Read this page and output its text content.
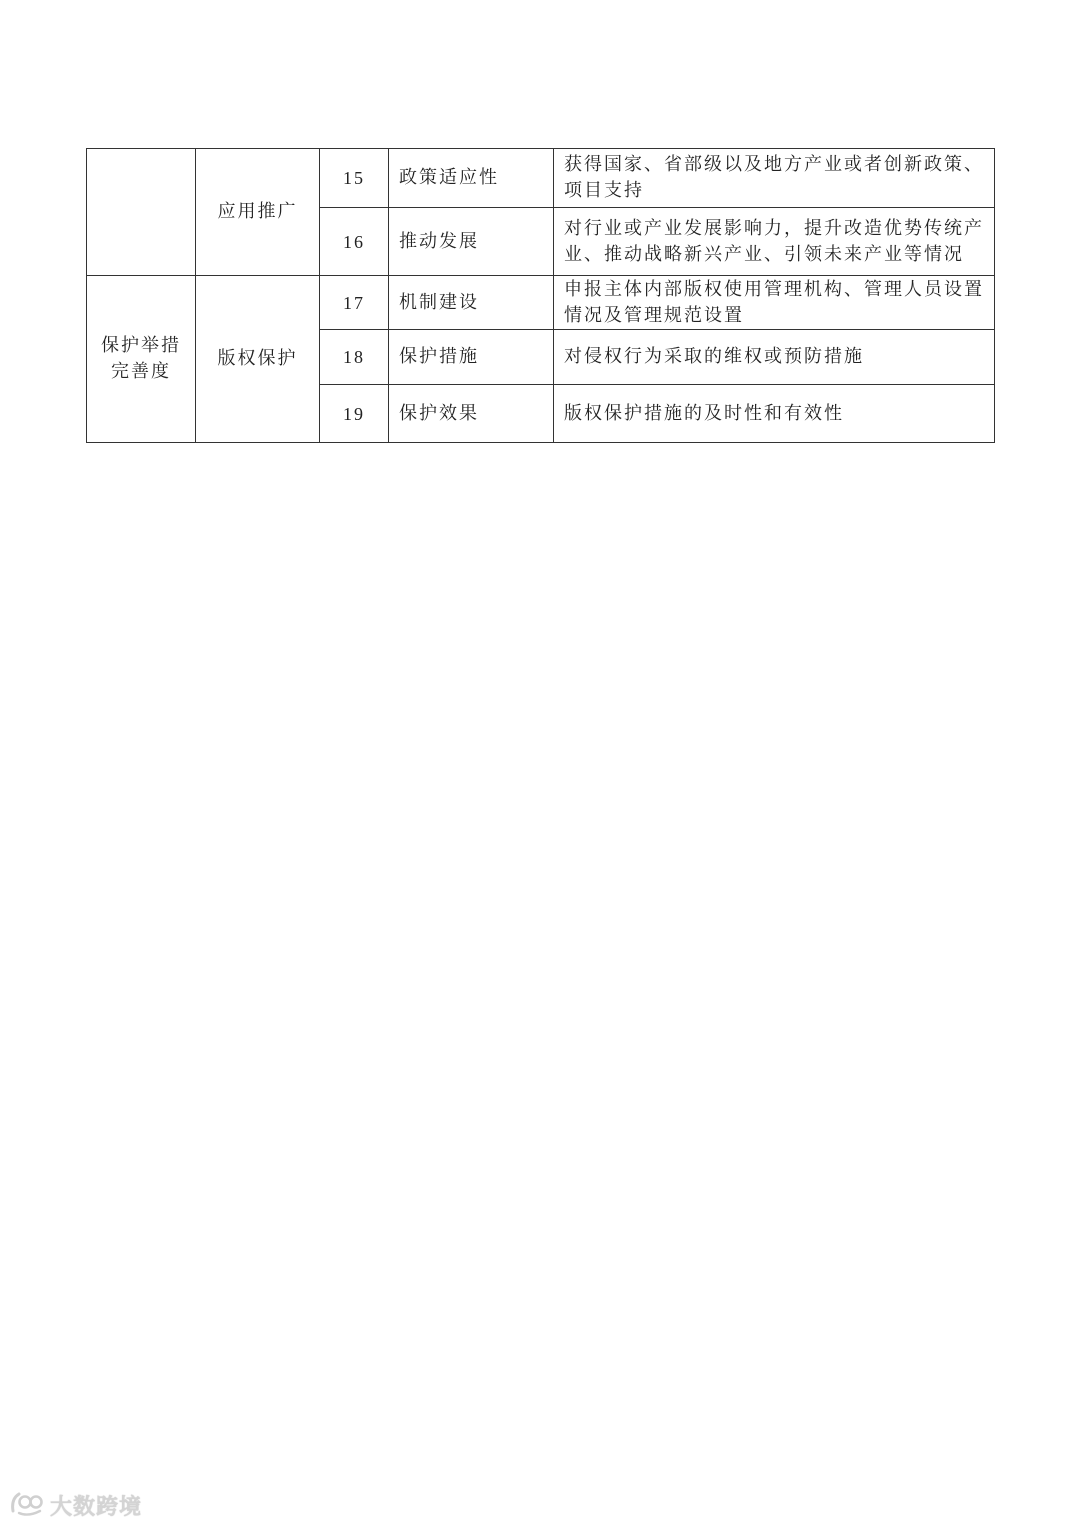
	应用推广	15	政策适应性	获得国家、省部级以及地方产业或者创新政策、项目支持
		16	推动发展	对行业或产业发展影响力，提升改造优势传统产业、推动战略新兴产业、引领未来产业等情况
保护举措完善度	版权保护	17	机制建设	申报主体内部版权使用管理机构、管理人员设置情况及管理规范设置
		18	保护措施	对侵权行为采取的维权或预防措施
		19	保护效果	版权保护措施的及时性和有效性
大数跨境
